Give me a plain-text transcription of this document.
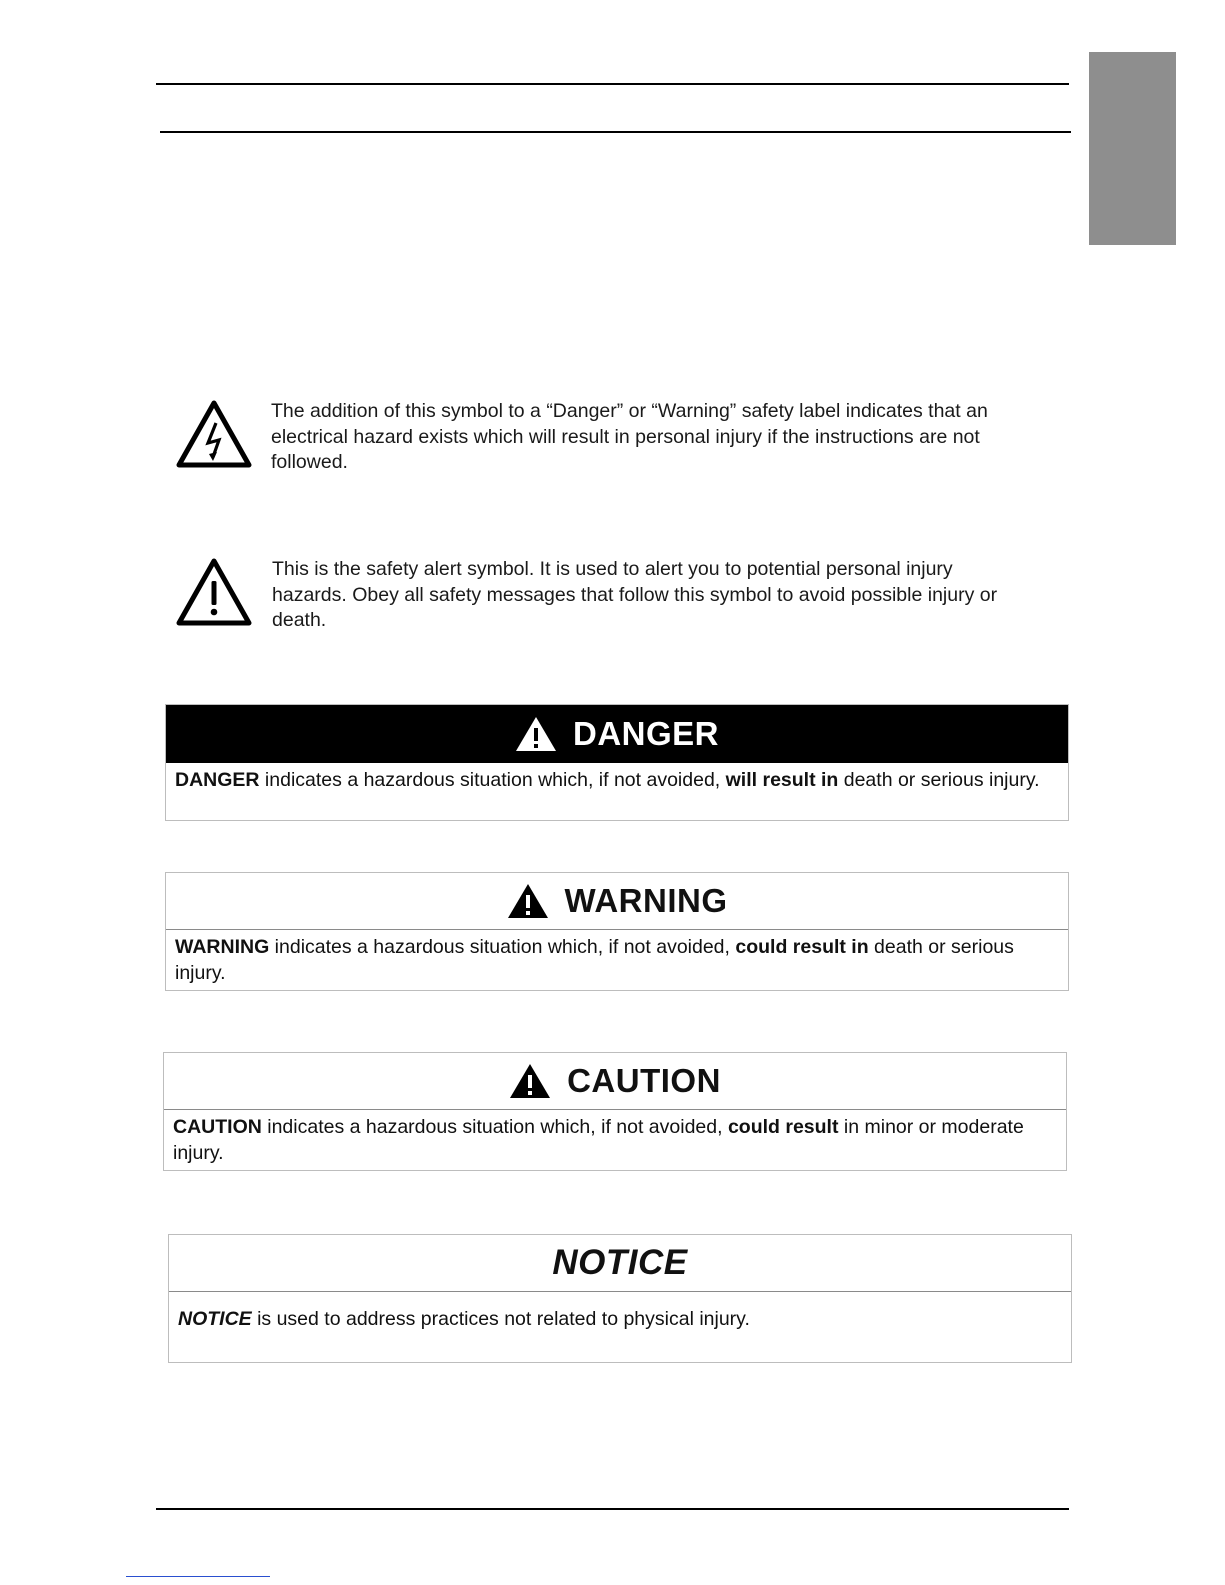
The addition of this symbol to a “Danger” or “Warning” safety label indicates that an
electrical hazard exists which will result in personal injury if the instructions are not
followed.
This is the safety alert symbol. It is used to alert you to potential personal injury
hazards. Obey all safety messages that follow this symbol to avoid possible injury or
death.
DANGER
DANGER indicates a hazardous situation which, if not avoided, will result in death or serious injury.
WARNING
WARNING indicates a hazardous situation which, if not avoided, could result in death or serious injury.
CAUTION
CAUTION indicates a hazardous situation which, if not avoided, could result in minor or moderate injury.
NOTICE
NOTICE is used to address practices not related to physical injury.
